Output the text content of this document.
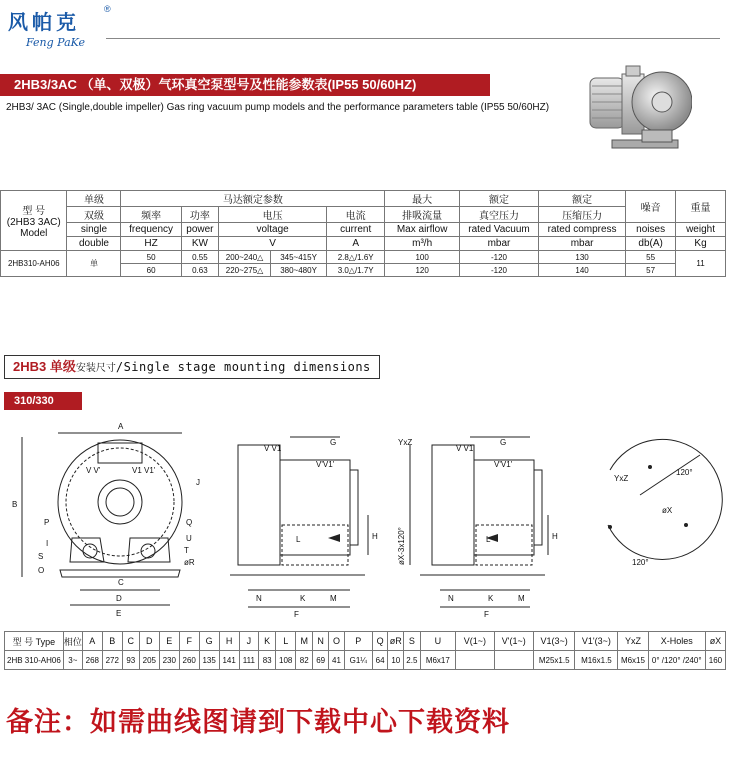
风帕克
®
Feng PaKe
2HB3/3AC （单、双极）气环真空泵型号及性能参数表(IP55 50/60HZ)
2HB3/ 3AC (Single,double impeller) Gas ring vacuum pump models and the performance parameters table (IP55 50/60HZ)
型 号
(2HB3 3AC)
Model	单级	马达额定参数					最大	额定	额定	噪音	重量
	双级	频率	功率	电压		电流	排吸流量	真空压力	压缩压力		
	single	frequency	power	voltage		current	Max airflow	rated Vacuum	rated compress	noises	weight
	double	HZ	KW	V		A	m³/h	mbar	mbar	db(A)	Kg
2HB310-AH06	单	50	0.55	200~240△	345~415Y	2.8△/1.6Y	100	-120	130	55	11
		60	0.63	220~275△	380~480Y	3.0△/1.7Y	120	-120	140	57	
2HB3 单级安装尺寸/Single stage mounting dimensions
310/330
A
B
C
D
E	F
G
H
I
J
K
L
M
N
O
P	Q
øR
S
T
U
V V'	V1 V1'
V V1
V'V1'
G
V V1
V'V1'
YxZ
øX-3x120°	L
K
F
N	M
H
YxZ
øX
120°
120°
型 号 Type	相位	A	B	C	D	E	F	G	H	J	K	L	M	N	O	P	Q	øR	S	U	V(1~)	V'(1~)	V1(3~)	V1'(3~)	YxZ	X-Holes	øX
2HB 310-AH06	3~	268	272	93	205	230	260	135	141	111	83	108	82	69	41	G1¼	64	10	2.5	M6x17			M25x1.5	M16x1.5	M6x15	0° /120° /240°	160
备注：如需曲线图请到下载中心下载资料
